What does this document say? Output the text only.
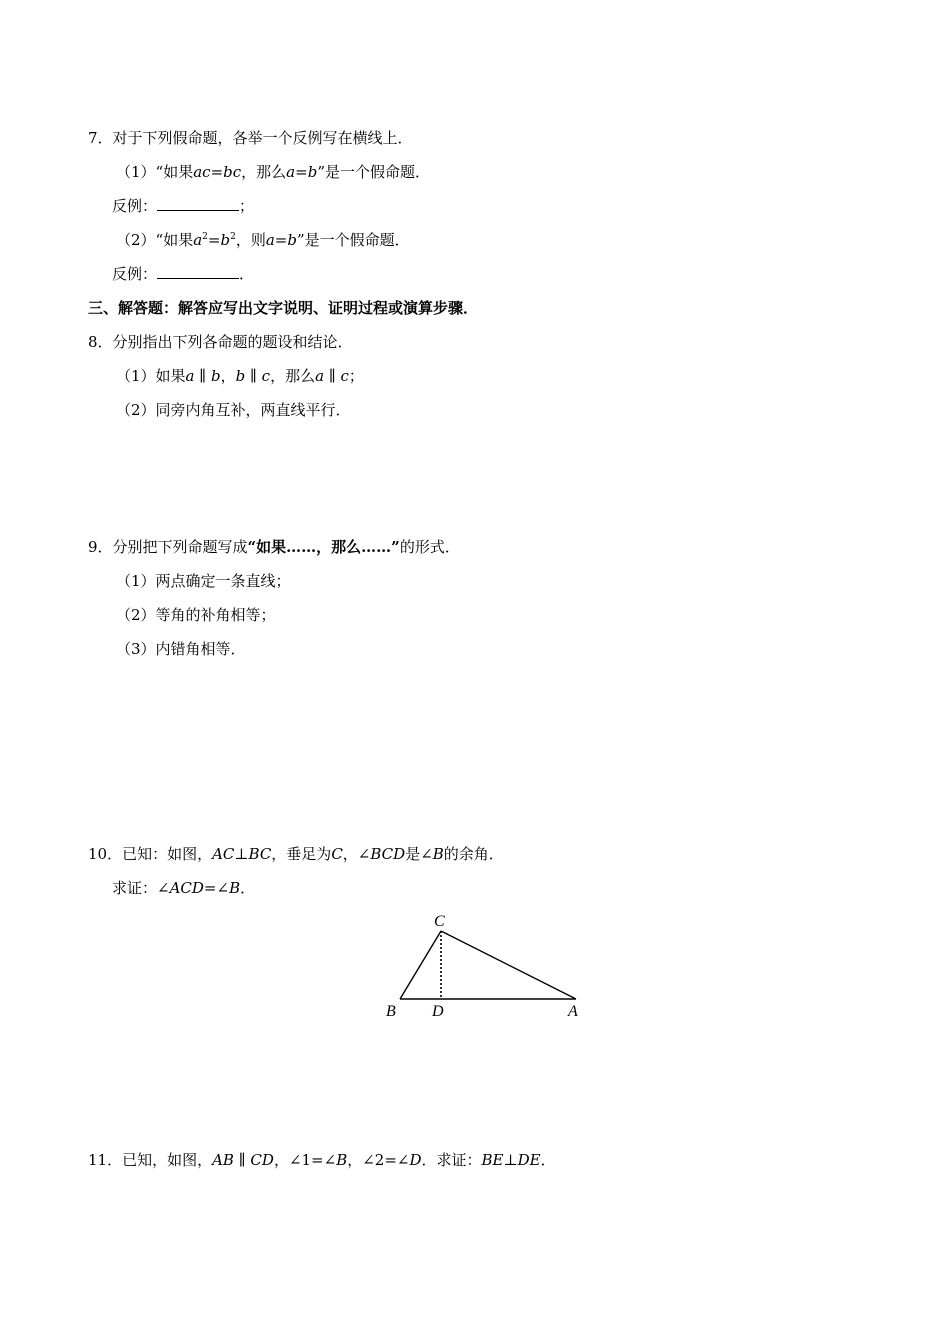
7．对于下列假命题，各举一个反例写在横线上．
（1）“如果ac=bc，那么a=b”是一个假命题．
反例：	；
（2）“如果$a^2=b^2$，则a=b”是一个假命题．
反例：	．
三、解答题：解答应写出文字说明、证明过程或演算步骤．
8．分别指出下列各命题的题设和结论．
（1）如果a ∥ b，b ∥ c，那么a ∥ c；
（2）同旁内角互补，两直线平行．
9．分别把下列命题写成“如果……，那么……”的形式．
（1）两点确定一条直线；
（2）等角的补角相等；
（3）内错角相等．
10．已知：如图，AC⊥BC，垂足为C，∠BCD是∠B的余角．
求证：∠ACD=∠B．
C
B D	A
11．已知，如图，AB ∥ CD，∠1=∠B，∠2=∠D．求证：BE⊥DE．
